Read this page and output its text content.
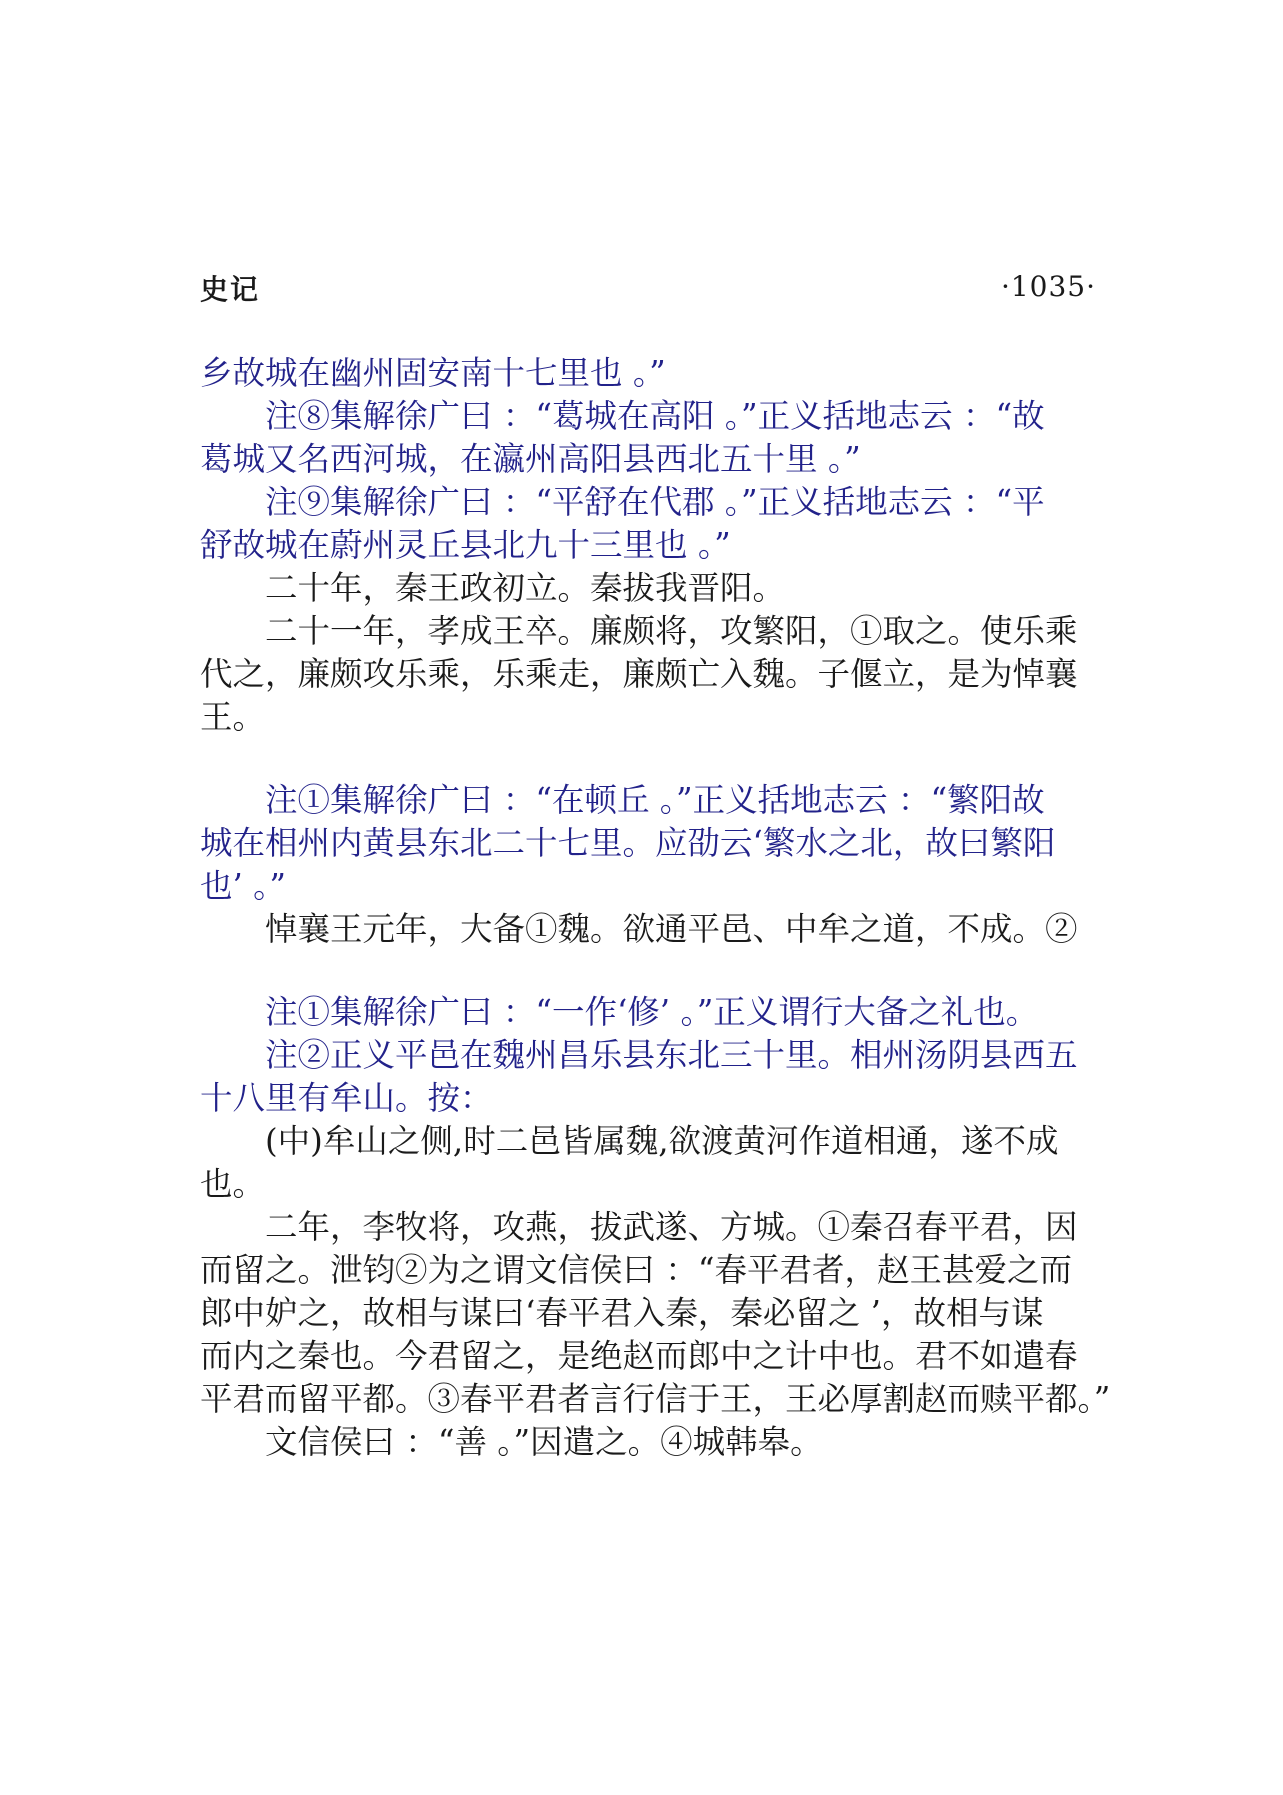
史记	·1035·
乡故城在幽州固安南十七里也 。”
注⑧集解徐广曰 ：“葛城在高阳 。”正义括地志云 ：“故
葛城又名西河城，在瀛州高阳县西北五十里 。”
注⑨集解徐广曰 ：“平舒在代郡 。”正义括地志云 ：“平
舒故城在蔚州灵丘县北九十三里也 。”
二十年，秦王政初立。秦拔我晋阳。
二十一年，孝成王卒。廉颇将，攻繁阳，①取之。使乐乘
代之，廉颇攻乐乘，乐乘走，廉颇亡入魏。子偃立，是为悼襄
王。
注①集解徐广曰 ：“在顿丘 。”正义括地志云 ：“繁阳故
城在相州内黄县东北二十七里。应劭云‘繁水之北，故曰繁阳
也’ 。”
悼襄王元年，大备①魏。欲通平邑、中牟之道，不成。②
注①集解徐广曰 ：“一作‘修’ 。”正义谓行大备之礼也。
注②正义平邑在魏州昌乐县东北三十里。相州汤阴县西五
十八里有牟山。按：
(中)牟山之侧,时二邑皆属魏,欲渡黄河作道相通，遂不成
也。
二年，李牧将，攻燕，拔武遂、方城。①秦召春平君，因
而留之。泄钧②为之谓文信侯曰 ：“春平君者，赵王甚爱之而
郎中妒之，故相与谋曰‘春平君入秦，秦必留之 ’，故相与谋
而内之秦也。今君留之，是绝赵而郎中之计中也。君不如遣春
平君而留平都。③春平君者言行信于王，王必厚割赵而赎平都。”
文信侯曰 ：“善 。”因遣之。④城韩皋。
